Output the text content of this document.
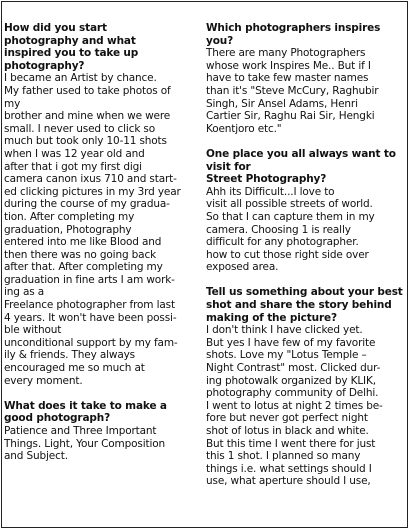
How did you start
photography and what
inspired you to take up
photography?
I became an Artist by chance.
My father used to take photos of
my
brother and mine when we were
small. I never used to click so
much but took only 10-11 shots
when I was 12 year old and
after that i got my first digi
camera canon ixus 710 and start-
ed clicking pictures in my 3rd year
during the course of my gradua-
tion. After completing my
graduation, Photography
entered into me like Blood and
then there was no going back
after that. After completing my
graduation in fine arts I am work-
ing as a
Freelance photographer from last
4 years. It won't have been possi-
ble without
unconditional support by my fam-
ily & friends. They always
encouraged me so much at
every moment.
What does it take to make a
good photograph?
Patience and Three Important
Things. Light, Your Composition
and Subject.
Which photographers inspires
you?
There are many Photographers
whose work Inspires Me.. But if I
have to take few master names
than it's "Steve McCury, Raghubir
Singh, Sir Ansel Adams, Henri
Cartier Sir, Raghu Rai Sir, Hengki
Koentjoro etc."
One place you all always want to
visit for
Street Photography?
Ahh its Difficult...I love to
visit all possible streets of world.
So that I can capture them in my
camera. Choosing 1 is really
difficult for any photographer.
how to cut those right side over
exposed area.
Tell us something about your best
shot and share the story behind
making of the picture?
I don't think I have clicked yet.
But yes I have few of my favorite
shots. Love my "Lotus Temple –
Night Contrast" most. Clicked dur-
ing photowalk organized by KLIK,
photography community of Delhi.
I went to lotus at night 2 times be-
fore but never got perfect night
shot of lotus in black and white.
But this time I went there for just
this 1 shot. I planned so many
things i.e. what settings should I
use, what aperture should I use,
